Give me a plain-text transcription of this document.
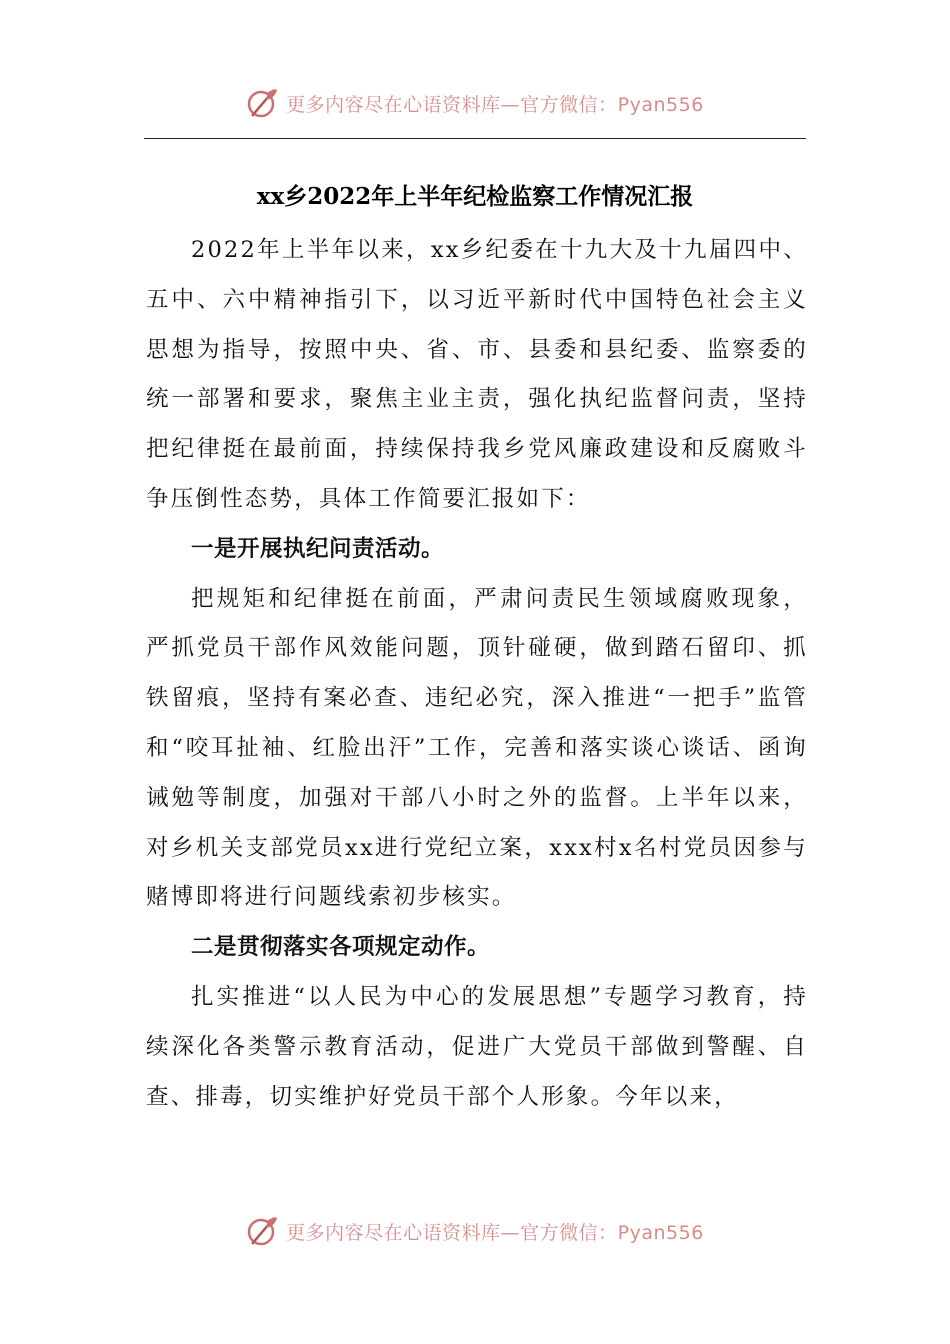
更多内容尽在心语资料库—官方微信：Pyan556
xx乡2022年上半年纪检监察工作情况汇报

2022年上半年以来，xx乡纪委在十九大及十九届四中、五中、六中精神指引下，以习近平新时代中国特色社会主义思想为指导，按照中央、省、市、县委和县纪委、监察委的统一部署和要求，聚焦主业主责，强化执纪监督问责，坚持把纪律挺在最前面，持续保持我乡党风廉政建设和反腐败斗争压倒性态势，具体工作简要汇报如下：

一是开展执纪问责活动。

把规矩和纪律挺在前面，严肃问责民生领域腐败现象，严抓党员干部作风效能问题，顶针碰硬，做到踏石留印、抓铁留痕，坚持有案必查、违纪必究，深入推进“一把手”监管和“咬耳扯袖、红脸出汗”工作，完善和落实谈心谈话、函询诫勉等制度，加强对干部八小时之外的监督。上半年以来，对乡机关支部党员xx进行党纪立案，xxx村x名村党员因参与赌博即将进行问题线索初步核实。

二是贯彻落实各项规定动作。

扎实推进“以人民为中心的发展思想”专题学习教育，持续深化各类警示教育活动，促进广大党员干部做到警醒、自查、排毒，切实维护好党员干部个人形象。今年以来，

更多内容尽在心语资料库—官方微信：Pyan556
